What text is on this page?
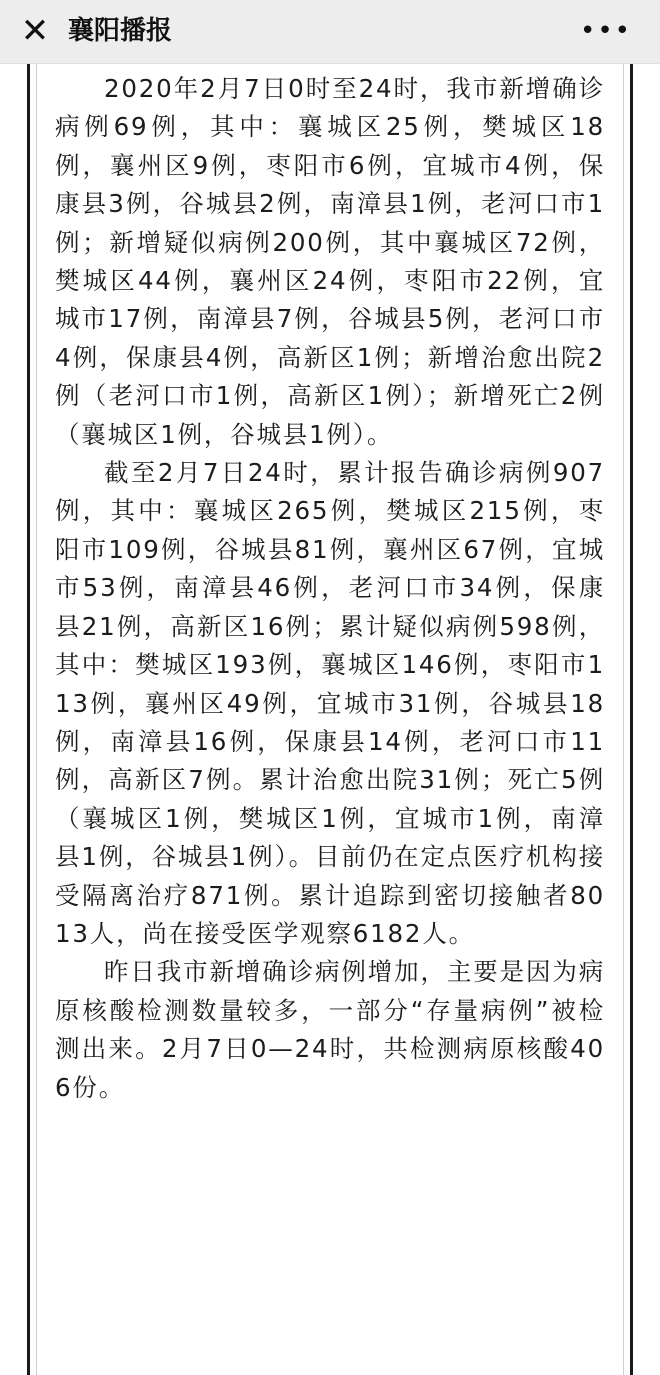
✕ 襄阳播报	•••

2020年2月7日0时至24时，我市新增确诊病例69例，其中：襄城区25例，樊城区18例，襄州区9例，枣阳市6例，宜城市4例，保康县3例，谷城县2例，南漳县1例，老河口市1例；新增疑似病例200例，其中襄城区72例，樊城区44例，襄州区24例，枣阳市22例，宜城市17例，南漳县7例，谷城县5例，老河口市4例，保康县4例，高新区1例；新增治愈出院2例（老河口市1例，高新区1例）；新增死亡2例（襄城区1例，谷城县1例）。

截至2月7日24时，累计报告确诊病例907例，其中：襄城区265例，樊城区215例，枣阳市109例，谷城县81例，襄州区67例，宜城市53例，南漳县46例，老河口市34例，保康县21例，高新区16例；累计疑似病例598例，其中：樊城区193例，襄城区146例，枣阳市113例，襄州区49例，宜城市31例，谷城县18例，南漳县16例，保康县14例，老河口市11例，高新区7例。累计治愈出院31例；死亡5例（襄城区1例，樊城区1例，宜城市1例，南漳县1例，谷城县1例）。目前仍在定点医疗机构接受隔离治疗871例。累计追踪到密切接触者8013人，尚在接受医学观察6182人。

昨日我市新增确诊病例增加，主要是因为病原核酸检测数量较多，一部分“存量病例”被检测出来。2月7日0—24时，共检测病原核酸406份。
